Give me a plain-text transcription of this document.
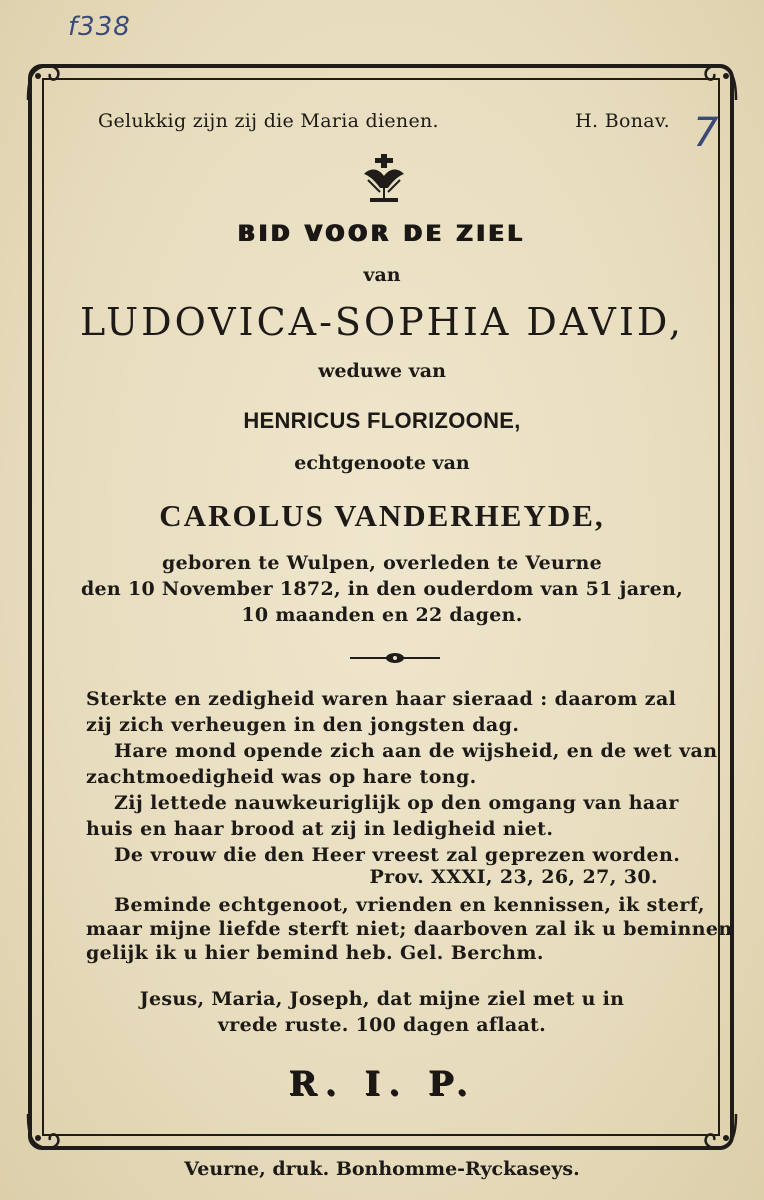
f338
7
Gelukkig zijn zij die Maria dienen.	H. Bonav.
BID VOOR DE ZIEL
van
LUDOVICA-SOPHIA DAVID,
weduwe van
HENRICUS FLORIZOONE,
echtgenoote van
CAROLUS VANDERHEYDE,
geboren te Wulpen, overleden te Veurne
den 10 November 1872, in den ouderdom van 51 jaren,
10 maanden en 22 dagen.
Sterkte en zedigheid waren haar sieraad : daarom zal
zij zich verheugen in den jongsten dag.
Hare mond opende zich aan de wijsheid, en de wet van
zachtmoedigheid was op hare tong.
Zij lettede nauwkeuriglijk op den omgang van haar
huis en haar brood at zij in ledigheid niet.
De vrouw die den Heer vreest zal geprezen worden.
Prov. XXXI, 23, 26, 27, 30.
Beminde echtgenoot, vrienden en kennissen, ik sterf,
maar mijne liefde sterft niet; daarboven zal ik u beminnen
gelijk ik u hier bemind heb. Gel. Berchm.
Jesus, Maria, Joseph, dat mijne ziel met u in
vrede ruste. 100 dagen aflaat.
R. I. P.
Veurne, druk. Bonhomme-Ryckaseys.
